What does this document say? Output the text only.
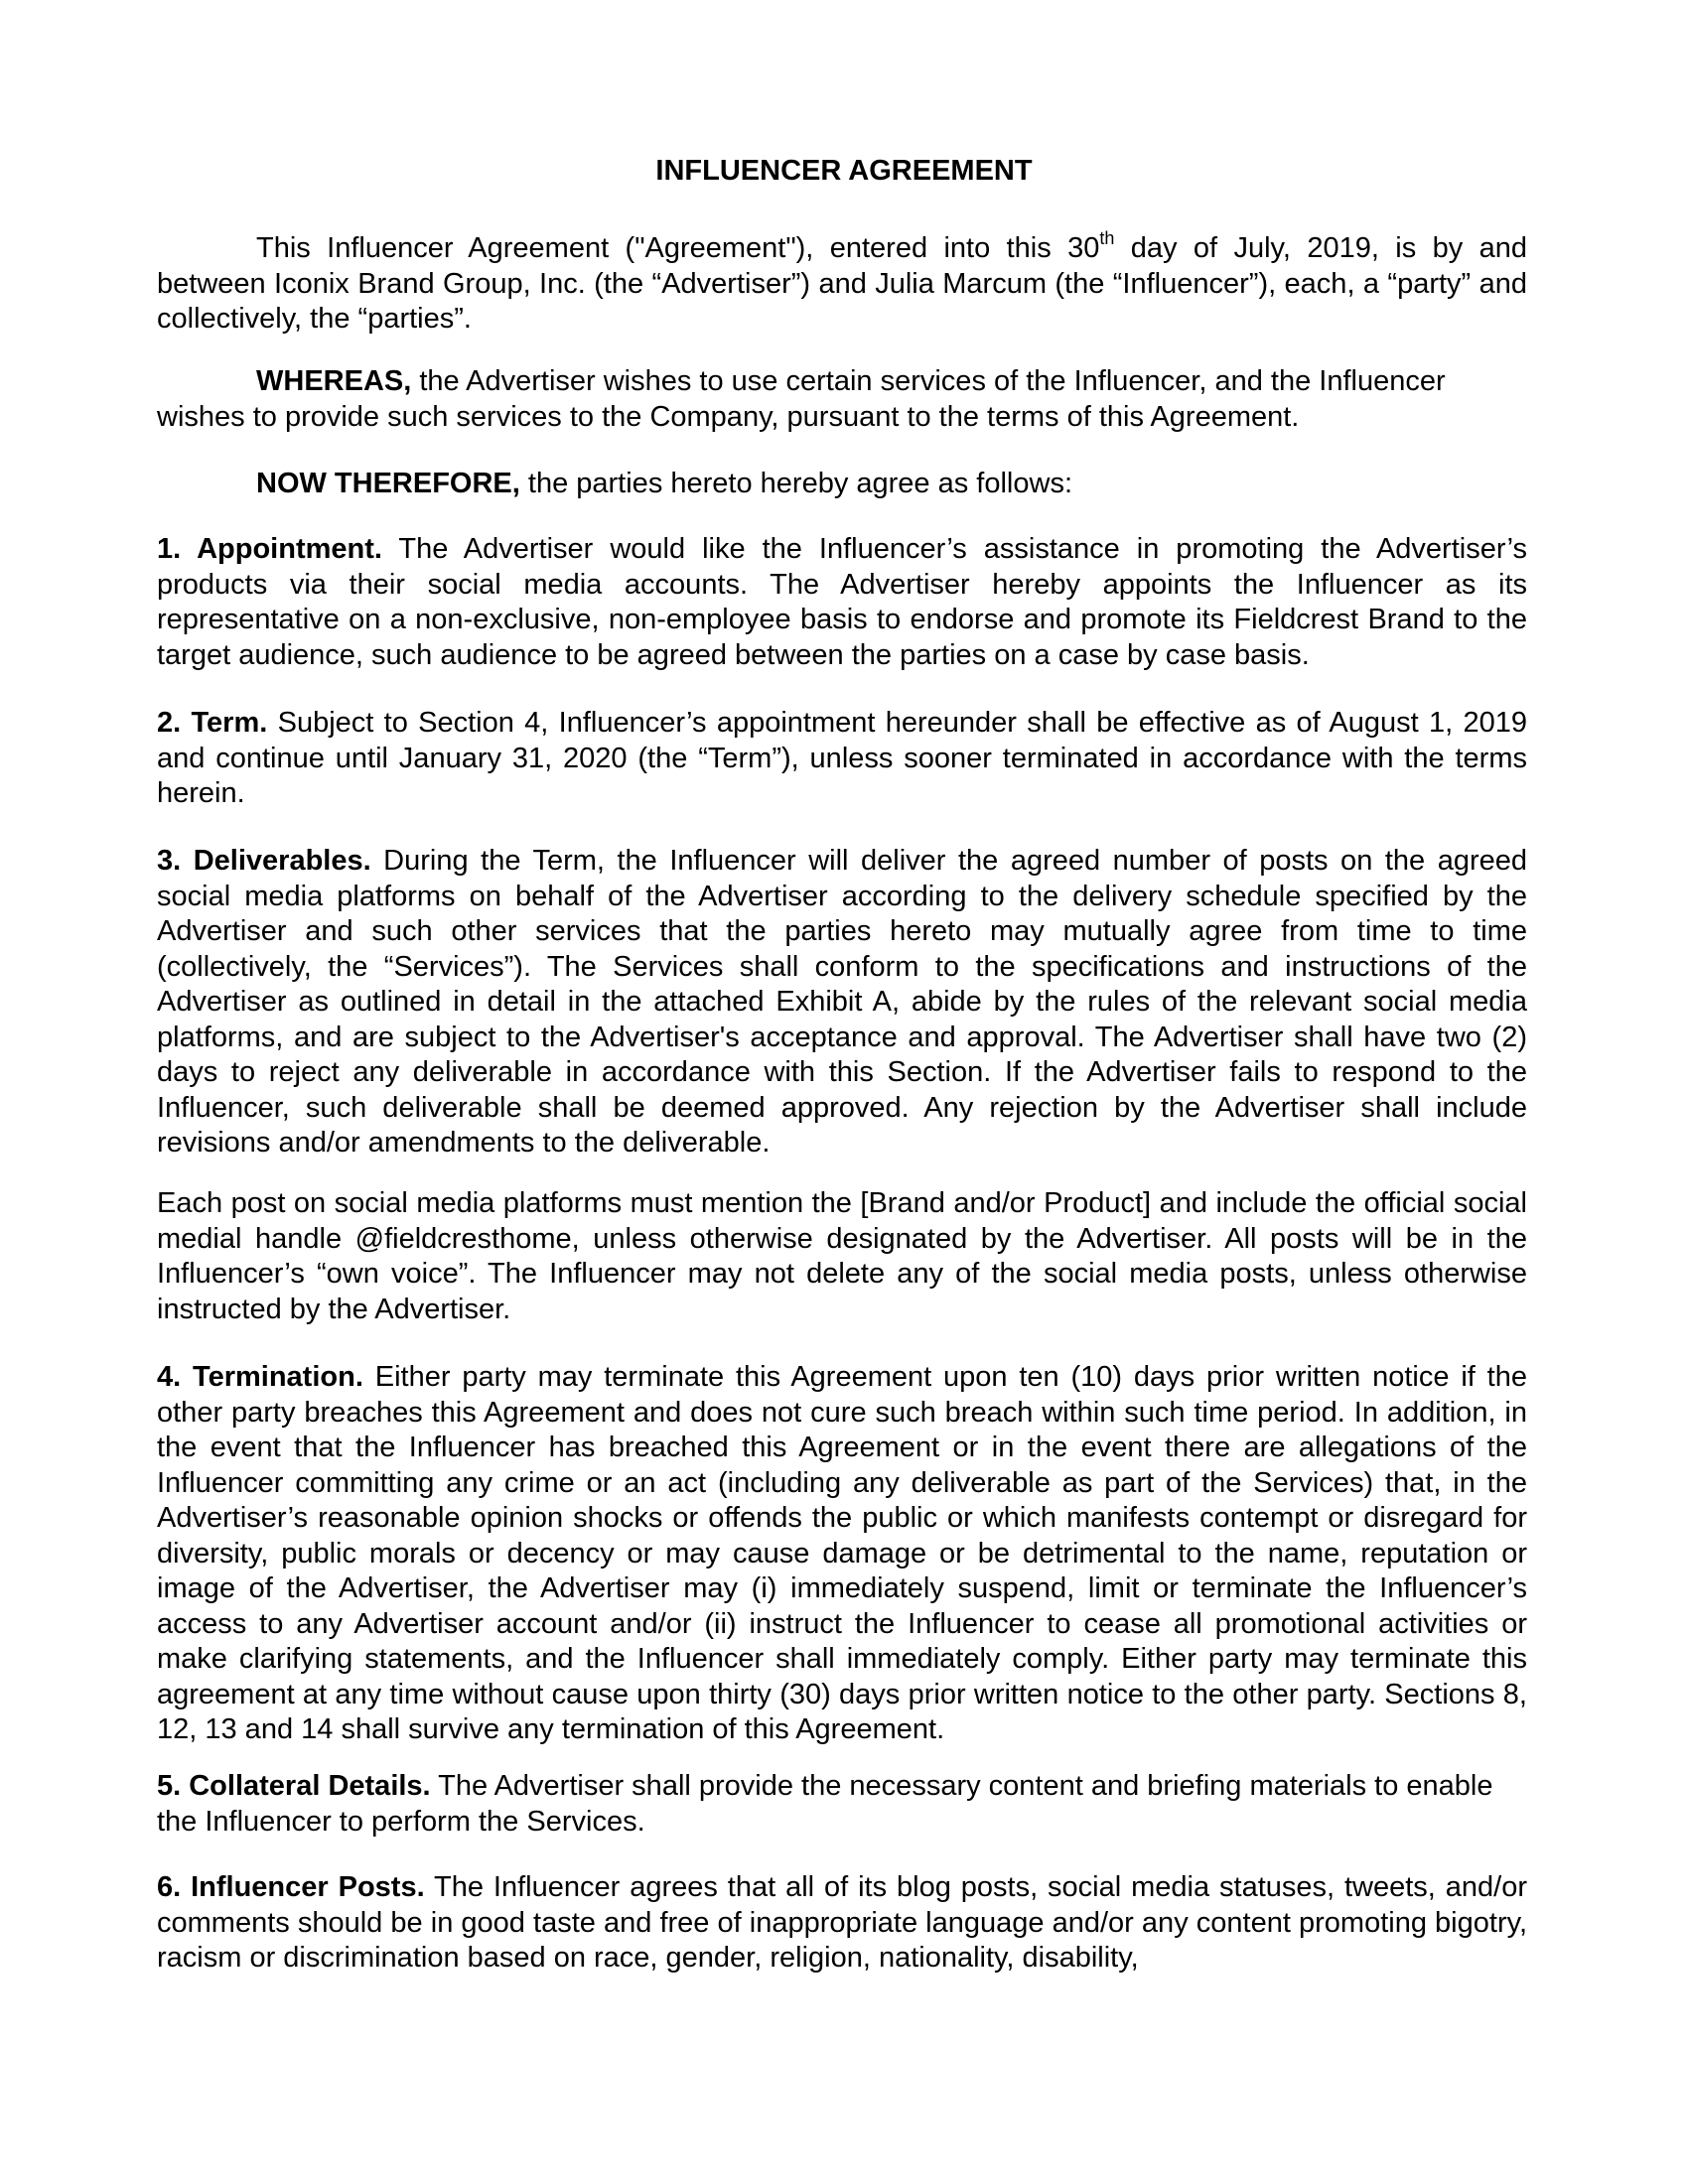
INFLUENCER AGREEMENT

This Influencer Agreement ("Agreement"), entered into this 30th day of July, 2019, is by and between Iconix Brand Group, Inc. (the “Advertiser”) and Julia Marcum (the “Influencer”), each, a “party” and collectively, the “parties”.

WHEREAS, the Advertiser wishes to use certain services of the Influencer, and the Influencer wishes to provide such services to the Company, pursuant to the terms of this Agreement.

NOW THEREFORE, the parties hereto hereby agree as follows:

1. Appointment. The Advertiser would like the Influencer’s assistance in promoting the Advertiser’s products via their social media accounts. The Advertiser hereby appoints the Influencer as its representative on a non-exclusive, non-employee basis to endorse and promote its Fieldcrest Brand to the target audience, such audience to be agreed between the parties on a case by case basis.

2. Term. Subject to Section 4, Influencer’s appointment hereunder shall be effective as of August 1, 2019 and continue until January 31, 2020 (the “Term”), unless sooner terminated in accordance with the terms herein.

3. Deliverables. During the Term, the Influencer will deliver the agreed number of posts on the agreed social media platforms on behalf of the Advertiser according to the delivery schedule specified by the Advertiser and such other services that the parties hereto may mutually agree from time to time (collectively, the “Services”). The Services shall conform to the specifications and instructions of the Advertiser as outlined in detail in the attached Exhibit A, abide by the rules of the relevant social media platforms, and are subject to the Advertiser's acceptance and approval. The Advertiser shall have two (2) days to reject any deliverable in accordance with this Section. If the Advertiser fails to respond to the Influencer, such deliverable shall be deemed approved. Any rejection by the Advertiser shall include revisions and/or amendments to the deliverable.

Each post on social media platforms must mention the [Brand and/or Product] and include the official social medial handle @fieldcresthome, unless otherwise designated by the Advertiser. All posts will be in the Influencer’s “own voice”. The Influencer may not delete any of the social media posts, unless otherwise instructed by the Advertiser.

4. Termination. Either party may terminate this Agreement upon ten (10) days prior written notice if the other party breaches this Agreement and does not cure such breach within such time period. In addition, in the event that the Influencer has breached this Agreement or in the event there are allegations of the Influencer committing any crime or an act (including any deliverable as part of the Services) that, in the Advertiser’s reasonable opinion shocks or offends the public or which manifests contempt or disregard for diversity, public morals or decency or may cause damage or be detrimental to the name, reputation or image of the Advertiser, the Advertiser may (i) immediately suspend, limit or terminate the Influencer’s access to any Advertiser account and/or (ii) instruct the Influencer to cease all promotional activities or make clarifying statements, and the Influencer shall immediately comply. Either party may terminate this agreement at any time without cause upon thirty (30) days prior written notice to the other party. Sections 8, 12, 13 and 14 shall survive any termination of this Agreement.

5. Collateral Details. The Advertiser shall provide the necessary content and briefing materials to enable the Influencer to perform the Services.

6. Influencer Posts. The Influencer agrees that all of its blog posts, social media statuses, tweets, and/or comments should be in good taste and free of inappropriate language and/or any content promoting bigotry, racism or discrimination based on race, gender, religion, nationality, disability,
